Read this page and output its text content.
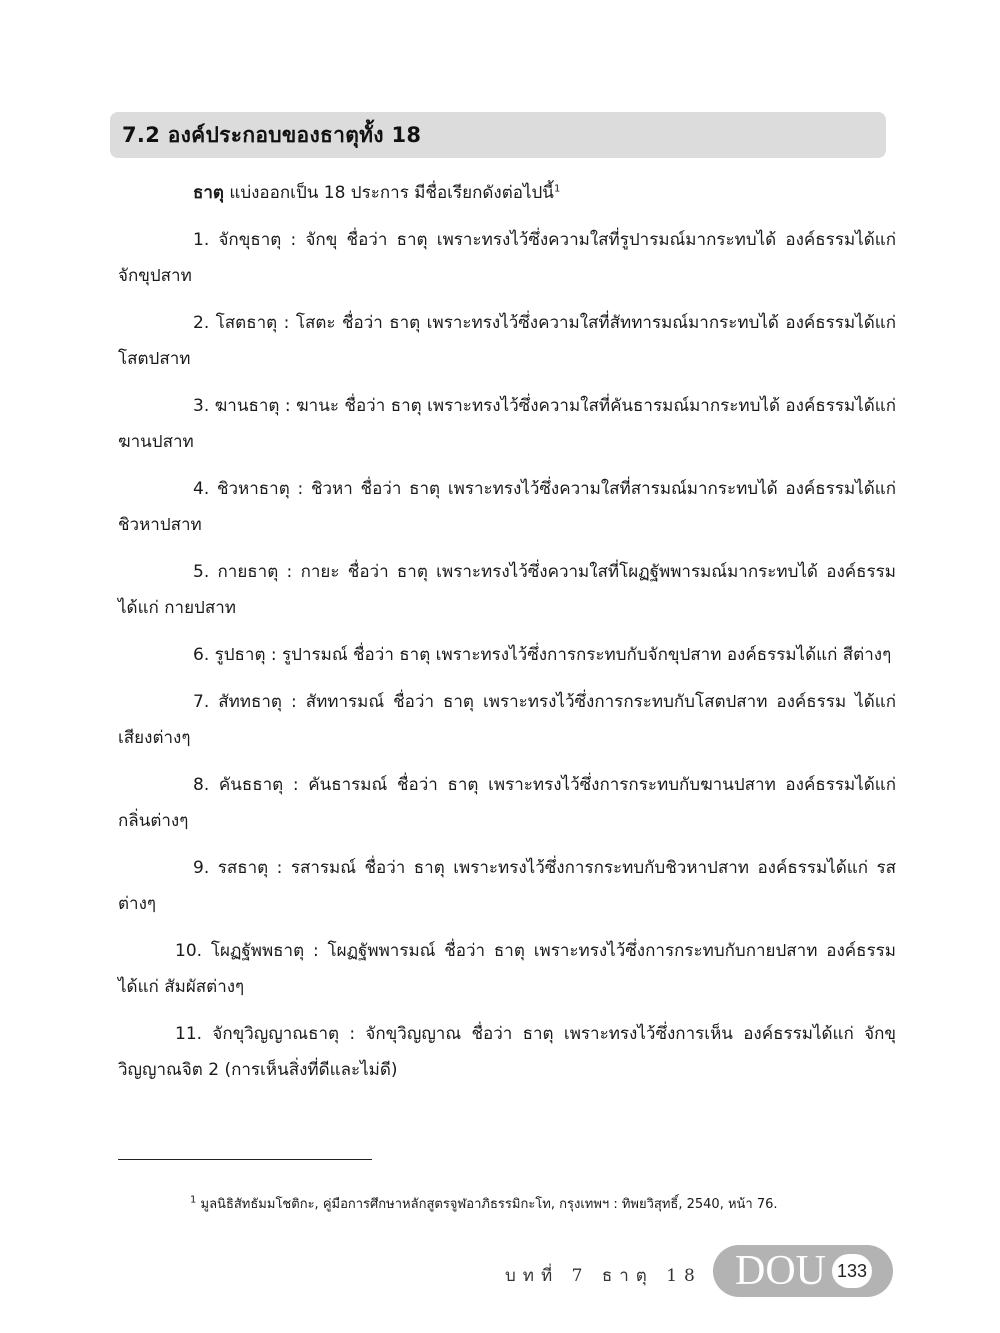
7.2 องค์ประกอบของธาตุทั้ง 18

ธาตุ แบ่งออกเป็น 18 ประการ มีชื่อเรียกดังต่อไปนี้$^1$

1. จักขุธาตุ : จักขุ ชื่อว่า ธาตุ เพราะทรงไว้ซึ่งความใสที่รูปารมณ์มากระทบได้ องค์ธรรมได้แก่ จักขุปสาท

2. โสตธาตุ : โสตะ ชื่อว่า ธาตุ เพราะทรงไว้ซึ่งความใสที่สัททารมณ์มากระทบได้ องค์ธรรมได้แก่ โสตปสาท

3. ฆานธาตุ : ฆานะ ชื่อว่า ธาตุ เพราะทรงไว้ซึ่งความใสที่คันธารมณ์มากระทบได้ องค์ธรรมได้แก่ ฆานปสาท

4. ชิวหาธาตุ : ชิวหา ชื่อว่า ธาตุ เพราะทรงไว้ซึ่งความใสที่สารมณ์มากระทบได้ องค์ธรรมได้แก่ ชิวหาปสาท

5. กายธาตุ : กายะ ชื่อว่า ธาตุ เพราะทรงไว้ซึ่งความใสที่โผฏฐัพพารมณ์มากระทบได้ องค์ธรรมได้แก่ กายปสาท

6. รูปธาตุ : รูปารมณ์ ชื่อว่า ธาตุ เพราะทรงไว้ซึ่งการกระทบกับจักขุปสาท องค์ธรรมได้แก่ สีต่างๆ

7. สัททธาตุ : สัททารมณ์ ชื่อว่า ธาตุ เพราะทรงไว้ซึ่งการกระทบกับโสตปสาท องค์ธรรม ได้แก่ เสียงต่างๆ

8. คันธธาตุ : คันธารมณ์ ชื่อว่า ธาตุ เพราะทรงไว้ซึ่งการกระทบกับฆานปสาท องค์ธรรมได้แก่ กลิ่นต่างๆ

9. รสธาตุ : รสารมณ์ ชื่อว่า ธาตุ เพราะทรงไว้ซึ่งการกระทบกับชิวหาปสาท องค์ธรรมได้แก่ รสต่างๆ

10. โผฏฐัพพธาตุ : โผฏฐัพพารมณ์ ชื่อว่า ธาตุ เพราะทรงไว้ซึ่งการกระทบกับกายปสาท องค์ธรรมได้แก่ สัมผัสต่างๆ

11. จักขุวิญญาณธาตุ : จักขุวิญญาณ ชื่อว่า ธาตุ เพราะทรงไว้ซึ่งการเห็น องค์ธรรมได้แก่ จักขุวิญญาณจิต 2 (การเห็นสิ่งที่ดีและไม่ดี)

$^1$ มูลนิธิสัทธัมมโชติกะ, คู่มือการศึกษาหลักสูตรจูฬอาภิธรรมิกะโท, กรุงเทพฯ : ทิพยวิสุทธิ์, 2540, หน้า 76.
บทที่ 7 ธาตุ 18 DOU 133
